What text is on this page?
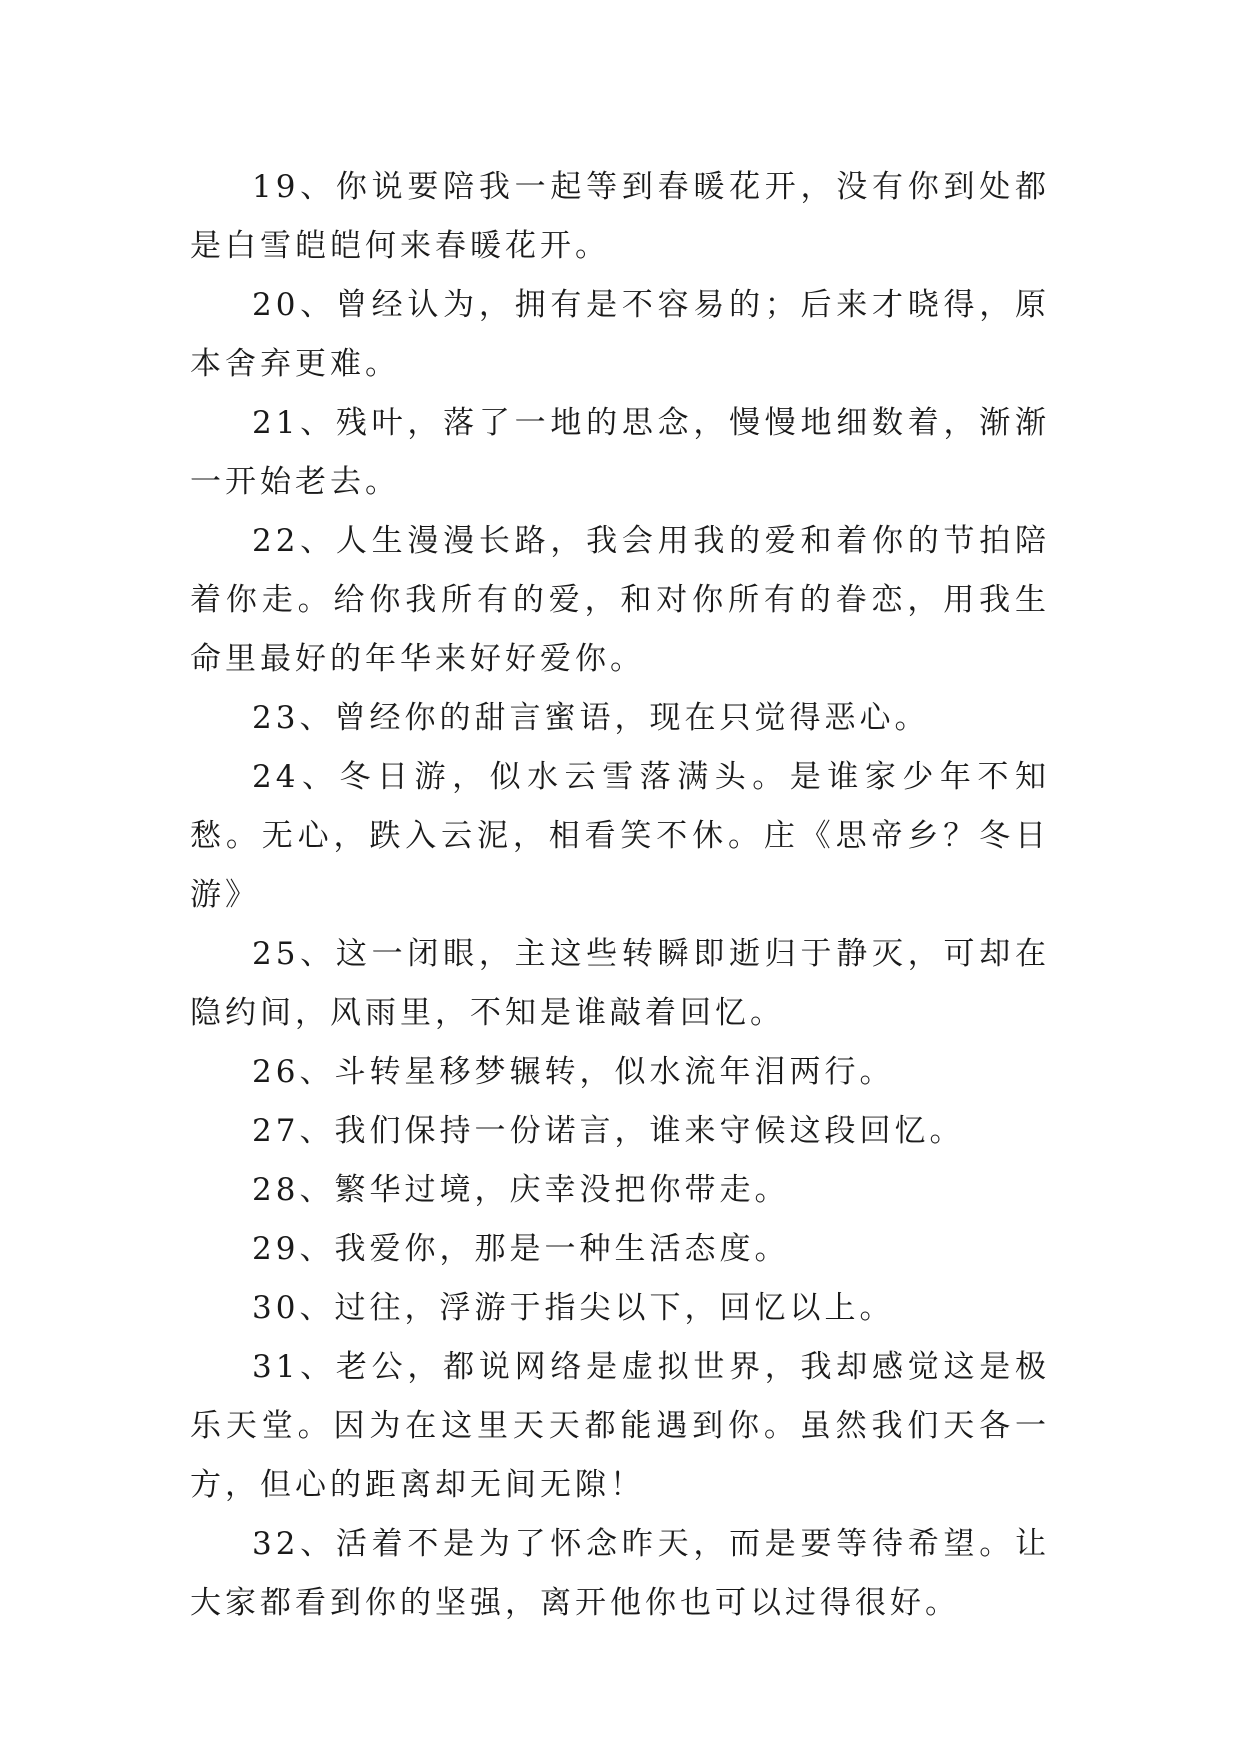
19、你说要陪我一起等到春暖花开，没有你到处都是白雪皑皑何来春暖花开。

20、曾经认为，拥有是不容易的；后来才晓得，原本舍弃更难。

21、残叶，落了一地的思念，慢慢地细数着，渐渐一开始老去。

22、人生漫漫长路，我会用我的爱和着你的节拍陪着你走。给你我所有的爱，和对你所有的眷恋，用我生命里最好的年华来好好爱你。

23、曾经你的甜言蜜语，现在只觉得恶心。

24、冬日游，似水云雪落满头。是谁家少年不知愁。无心，跌入云泥，相看笑不休。庄《思帝乡？冬日游》

25、这一闭眼，主这些转瞬即逝归于静灭，可却在隐约间，风雨里，不知是谁敲着回忆。

26、斗转星移梦辗转，似水流年泪两行。

27、我们保持一份诺言，谁来守候这段回忆。

28、繁华过境，庆幸没把你带走。

29、我爱你，那是一种生活态度。

30、过往，浮游于指尖以下，回忆以上。

31、老公，都说网络是虚拟世界，我却感觉这是极乐天堂。因为在这里天天都能遇到你。虽然我们天各一方，但心的距离却无间无隙！

32、活着不是为了怀念昨天，而是要等待希望。让大家都看到你的坚强，离开他你也可以过得很好。
